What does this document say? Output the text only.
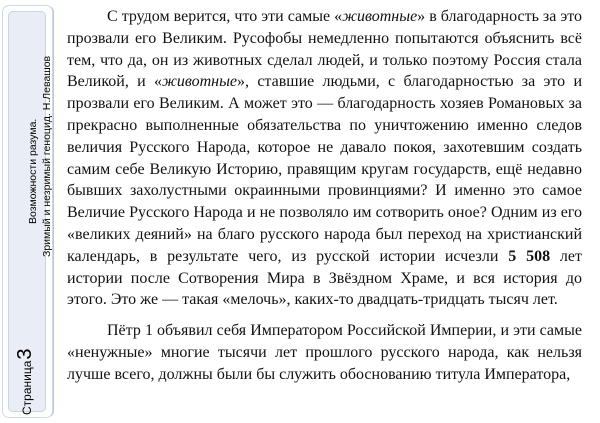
Возможности разума. Зримый и незримый геноцид. Н.Левашов
Страница3

С трудом верится, что эти самые «животные» в благодарность за это прозвали его Великим. Русофобы немедленно попытаются объяснить всё тем, что да, он из животных сделал людей, и только поэтому Россия стала Великой, и «животные», ставшие людьми, с благодарностью за это и прозвали его Великим. А может это — благодарность хозяев Романовых за прекрасно выполненные обязательства по уничтожению именно следов величия Русского Народа, которое не давало покоя, захотевшим создать самим себе Великую Историю, правящим кругам государств, ещё недавно бывших захолустными окраинными провинциями? И именно это самое Величие Русского Народа и не позволяло им сотворить оное? Одним из его «великих деяний» на благо русского народа был переход на христианский календарь, в результате чего, из русской истории исчезли 5 508 лет истории после Сотворения Мира в Звёздном Храме, и вся история до этого. Это же — такая «мелочь», каких-то двадцать-тридцать тысяч лет.

Пётр 1 объявил себя Императором Российской Империи, и эти самые «ненужные» многие тысячи лет прошлого русского народа, как нельзя лучше всего, должны были бы служить обоснованию титула Императора,
